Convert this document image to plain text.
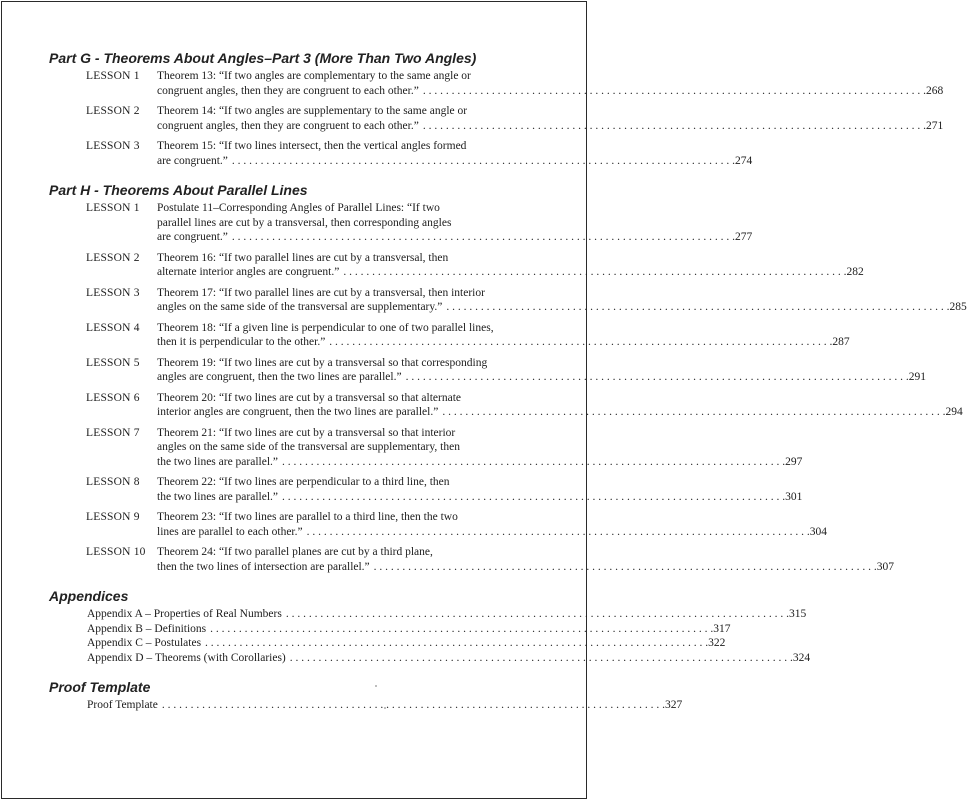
Part G - Theorems About Angles–Part 3 (More Than Two Angles)
LESSON 1	Theorem 13: “If two angles are complementary to the same angle or
congruent angles, then they are congruent to each other.” . . .	268
LESSON 2	Theorem 14: “If two angles are supplementary to the same angle or
congruent angles, then they are congruent to each other.” . . .	271
LESSON 3	Theorem 15: “If two lines intersect, then the vertical angles formed
are congruent.” . . .	274
Part H - Theorems About Parallel Lines
LESSON 1	Postulate 11–Corresponding Angles of Parallel Lines: “If two
parallel lines are cut by a transversal, then corresponding angles
are congruent.” . . .	277
LESSON 2	Theorem 16: “If two parallel lines are cut by a transversal, then
alternate interior angles are congruent.” . . .	282
LESSON 3	Theorem 17: “If two parallel lines are cut by a transversal, then interior
angles on the same side of the transversal are supplementary.” . . .	285
LESSON 4	Theorem 18: “If a given line is perpendicular to one of two parallel lines,
then it is perpendicular to the other.” . . .	287
LESSON 5	Theorem 19: “If two lines are cut by a transversal so that corresponding
angles are congruent, then the two lines are parallel.” . . .	291
LESSON 6	Theorem 20: “If two lines are cut by a transversal so that alternate
interior angles are congruent, then the two lines are parallel.” . . .	294
LESSON 7	Theorem 21: “If two lines are cut by a transversal so that interior
angles on the same side of the transversal are supplementary, then
the two lines are parallel.” . . .	297
LESSON 8	Theorem 22: “If two lines are perpendicular to a third line, then
the two lines are parallel.” . . .	301
LESSON 9	Theorem 23: “If two lines are parallel to a third line, then the two
lines are parallel to each other.” . . .	304
LESSON 10 Theorem 24: “If two parallel planes are cut by a third plane,
then the two lines of intersection are parallel.” . . .	307
Appendices
Appendix A – Properties of Real Numbers . . .	315
Appendix B – Definitions . . .	317
Appendix C – Postulates . . .	322
Appendix D – Theorems (with Corollaries) . . .	324
Proof Template
Proof Template . . .	327
